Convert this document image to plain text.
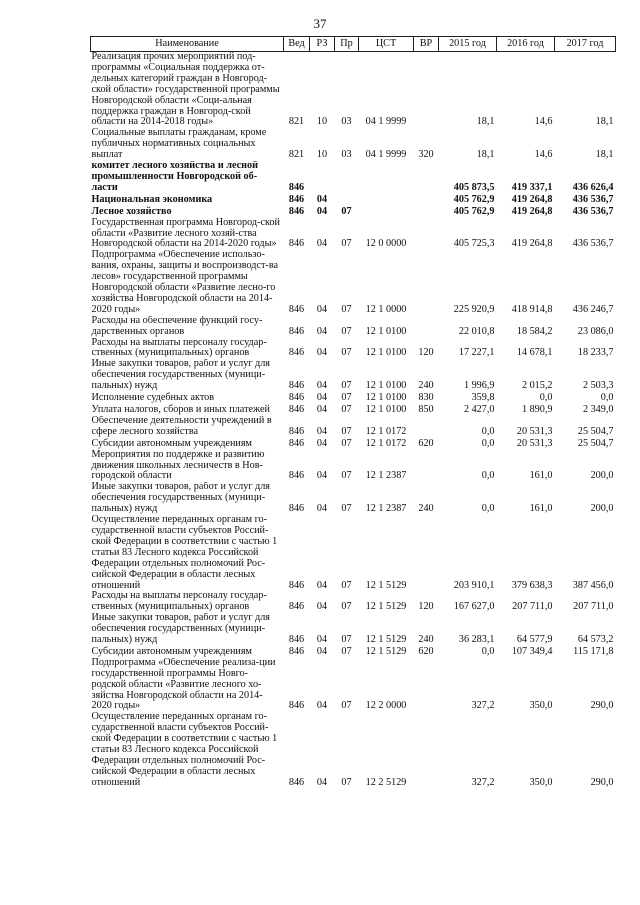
37
Наименование	Вед	РЗ	Пр	ЦСТ	ВР	2015 год	2016 год	2017 год
Реализация прочих мероприятий под-программы «Социальная поддержка от-дельных категорий граждан в Новгород-ской области» государственной программы Новгородской области «Соци-альная поддержка граждан в Новгород-ской области на 2014-2018 годы»	821	10	03	04 1 9999		18,1	14,6	18,1
Социальные выплаты гражданам, кроме публичных нормативных социальных выплат	821	10	03	04 1 9999	320	18,1	14,6	18,1
комитет лесного хозяйства и лесной промышленности Новгородской об-ласти	846					405 873,5	419 337,1	436 626,4
Национальная экономика	846	04				405 762,9	419 264,8	436 536,7
Лесное хозяйство	846	04	07			405 762,9	419 264,8	436 536,7
Государственная программа Новгород-ской области «Развитие лесного хозяй-ства Новгородской области на 2014-2020 годы»	846	04	07	12 0 0000		405 725,3	419 264,8	436 536,7
Подпрограмма «Обеспечение использо-вания, охраны, защиты и воспроизводст-ва лесов» государственной программы Новгородской области «Развитие лесно-го хозяйства Новгородской области на 2014-2020 годы»	846	04	07	12 1 0000		225 920,9	418 914,8	436 246,7
Расходы на обеспечение функций госу-дарственных органов	846	04	07	12 1 0100		22 010,8	18 584,2	23 086,0
Расходы на выплаты персоналу государ-ственных (муниципальных) органов	846	04	07	12 1 0100	120	17 227,1	14 678,1	18 233,7
Иные закупки товаров, работ и услуг для обеспечения государственных (муници-пальных) нужд	846	04	07	12 1 0100	240	1 996,9	2 015,2	2 503,3
Исполнение судебных актов	846	04	07	12 1 0100	830	359,8	0,0	0,0
Уплата налогов, сборов и иных платежей	846	04	07	12 1 0100	850	2 427,0	1 890,9	2 349,0
Обеспечение деятельности учреждений в сфере лесного хозяйства	846	04	07	12 1 0172		0,0	20 531,3	25 504,7
Субсидии автономным учреждениям	846	04	07	12 1 0172	620	0,0	20 531,3	25 504,7
Мероприятия по поддержке и развитию движения школьных лесничеств в Нов-городской области	846	04	07	12 1 2387		0,0	161,0	200,0
Иные закупки товаров, работ и услуг для обеспечения государственных (муници-пальных) нужд	846	04	07	12 1 2387	240	0,0	161,0	200,0
Осуществление переданных органам го-сударственной власти субъектов Россий-ской Федерации в соответствии с частью 1 статьи 83 Лесного кодекса Российской Федерации отдельных полномочий Рос-сийской Федерации в области лесных отношений	846	04	07	12 1 5129		203 910,1	379 638,3	387 456,0
Расходы на выплаты персоналу государ-ственных (муниципальных) органов	846	04	07	12 1 5129	120	167 627,0	207 711,0	207 711,0
Иные закупки товаров, работ и услуг для обеспечения государственных (муници-пальных) нужд	846	04	07	12 1 5129	240	36 283,1	64 577,9	64 573,2
Субсидии автономным учреждениям	846	04	07	12 1 5129	620	0,0	107 349,4	115 171,8
Подпрограмма «Обеспечение реализа-ции государственной программы Новго-родской области «Развитие лесного хо-зяйства Новгородской области на 2014-2020 годы»	846	04	07	12 2 0000		327,2	350,0	290,0
Осуществление переданных органам го-сударственной власти субъектов Россий-ской Федерации в соответствии с частью 1 статьи 83 Лесного кодекса Российской Федерации отдельных полномочий Рос-сийской Федерации в области лесных отношений	846	04	07	12 2 5129		327,2	350,0	290,0
